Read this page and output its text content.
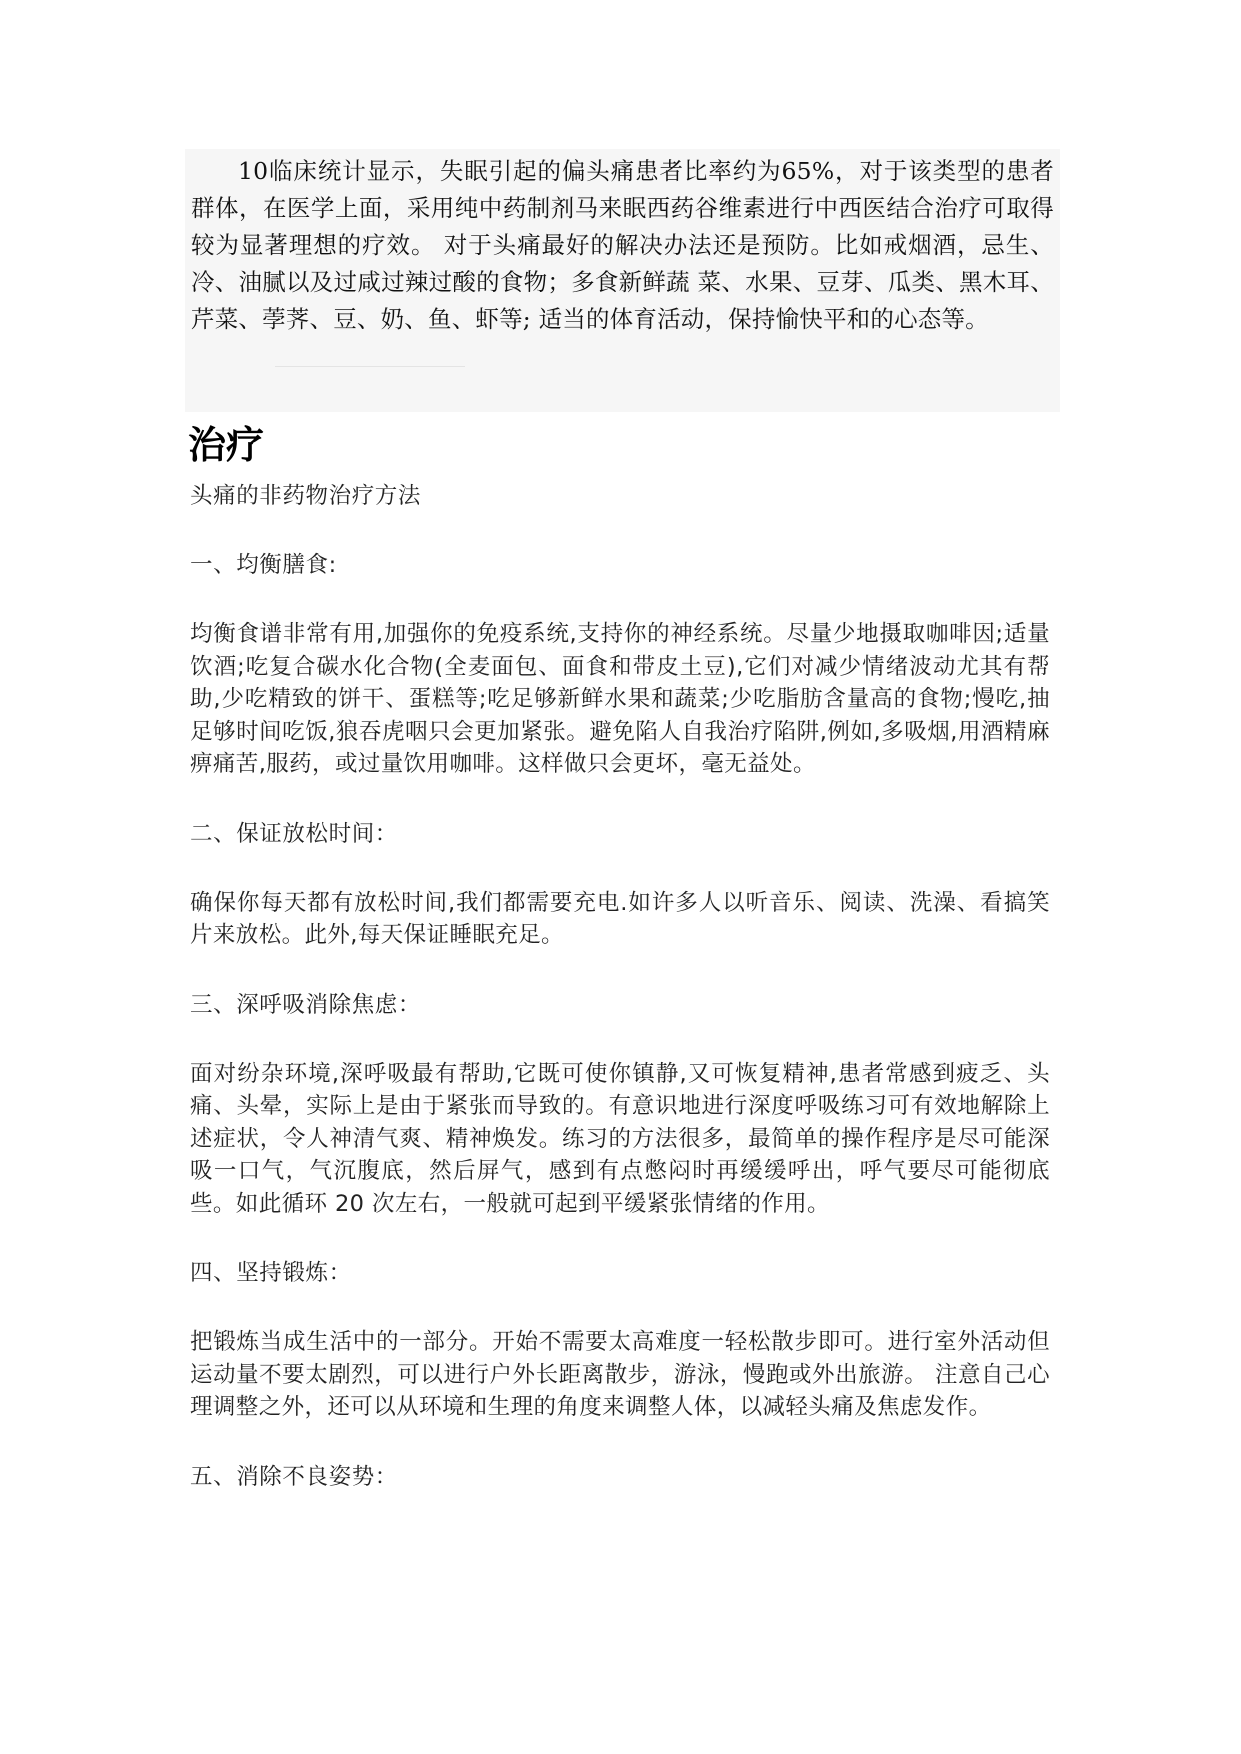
10临床统计显示，失眠引起的偏头痛患者比率约为65%，对于该类型的患者群体，在医学上面，采用纯中药制剂马来眠西药谷维素进行中西医结合治疗可取得较为显著理想的疗效。 对于头痛最好的解决办法还是预防。比如戒烟酒，忌生、冷、油腻以及过咸过辣过酸的食物；多食新鲜蔬 菜、水果、豆芽、瓜类、黑木耳、芹菜、荸荠、豆、奶、鱼、虾等; 适当的体育活动，保持愉快平和的心态等。

治疗

头痛的非药物治疗方法

一、均衡膳食:

均衡食谱非常有用,加强你的免疫系统,支持你的神经系统。尽量少地摄取咖啡因;适量饮酒;吃复合碳水化合物(全麦面包、面食和带皮土豆),它们对减少情绪波动尤其有帮助,少吃精致的饼干、蛋糕等;吃足够新鲜水果和蔬菜;少吃脂肪含量高的食物;慢吃,抽足够时间吃饭,狼吞虎咽只会更加紧张。避免陷人自我治疗陷阱,例如,多吸烟,用酒精麻痹痛苦,服药，或过量饮用咖啡。这样做只会更坏，毫无益处。

二、保证放松时间：

确保你每天都有放松时间,我们都需要充电.如许多人以听音乐、阅读、洗澡、看搞笑片来放松。此外,每天保证睡眠充足。

三、深呼吸消除焦虑：

面对纷杂环境,深呼吸最有帮助,它既可使你镇静,又可恢复精神,患者常感到疲乏、头痛、头晕，实际上是由于紧张而导致的。有意识地进行深度呼吸练习可有效地解除上述症状，令人神清气爽、精神焕发。练习的方法很多，最简单的操作程序是尽可能深吸一口气，气沉腹底，然后屏气，感到有点憋闷时再缓缓呼出，呼气要尽可能彻底些。如此循环 20 次左右，一般就可起到平缓紧张情绪的作用。

四、坚持锻炼：

把锻炼当成生活中的一部分。开始不需要太高难度一轻松散步即可。进行室外活动但运动量不要太剧烈，可以进行户外长距离散步，游泳，慢跑或外出旅游。 注意自己心理调整之外，还可以从环境和生理的角度来调整人体，以减轻头痛及焦虑发作。

五、消除不良姿势：
